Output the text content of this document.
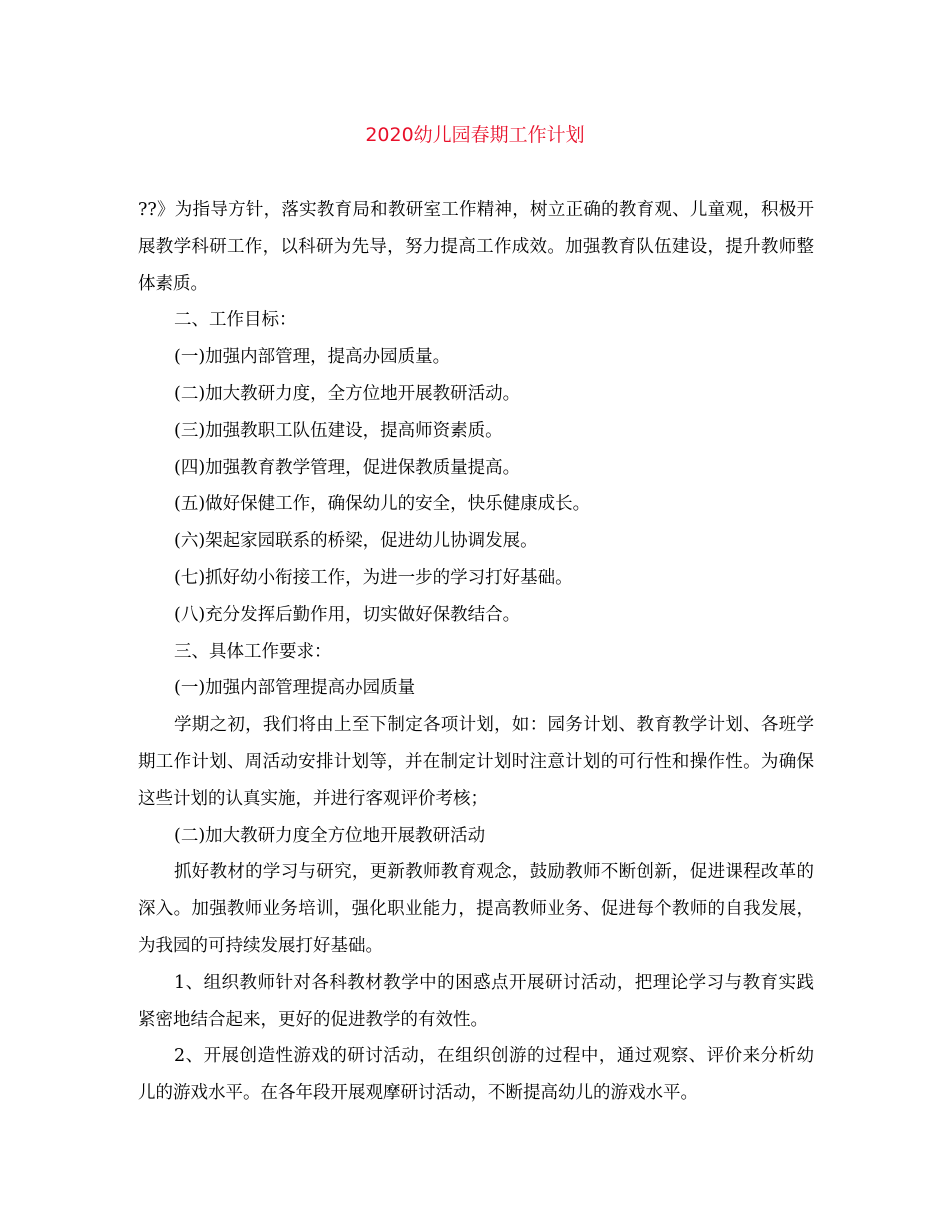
2020幼儿园春期工作计划

??》为指导方针，落实教育局和教研室工作精神，树立正确的教育观、儿童观，积极开展教学科研工作，以科研为先导，努力提高工作成效。加强教育队伍建设，提升教师整体素质。

二、工作目标：

(一)加强内部管理，提高办园质量。

(二)加大教研力度，全方位地开展教研活动。

(三)加强教职工队伍建设，提高师资素质。

(四)加强教育教学管理，促进保教质量提高。

(五)做好保健工作，确保幼儿的安全，快乐健康成长。

(六)架起家园联系的桥梁，促进幼儿协调发展。

(七)抓好幼小衔接工作，为进一步的学习打好基础。

(八)充分发挥后勤作用，切实做好保教结合。

三、具体工作要求：

(一)加强内部管理提高办园质量

学期之初，我们将由上至下制定各项计划，如：园务计划、教育教学计划、各班学期工作计划、周活动安排计划等，并在制定计划时注意计划的可行性和操作性。为确保这些计划的认真实施，并进行客观评价考核；

(二)加大教研力度全方位地开展教研活动

抓好教材的学习与研究，更新教师教育观念，鼓励教师不断创新，促进课程改革的深入。加强教师业务培训，强化职业能力，提高教师业务、促进每个教师的自我发展，为我园的可持续发展打好基础。

1、组织教师针对各科教材教学中的困惑点开展研讨活动，把理论学习与教育实践紧密地结合起来，更好的促进教学的有效性。

2、开展创造性游戏的研讨活动，在组织创游的过程中，通过观察、评价来分析幼儿的游戏水平。在各年段开展观摩研讨活动，不断提高幼儿的游戏水平。
